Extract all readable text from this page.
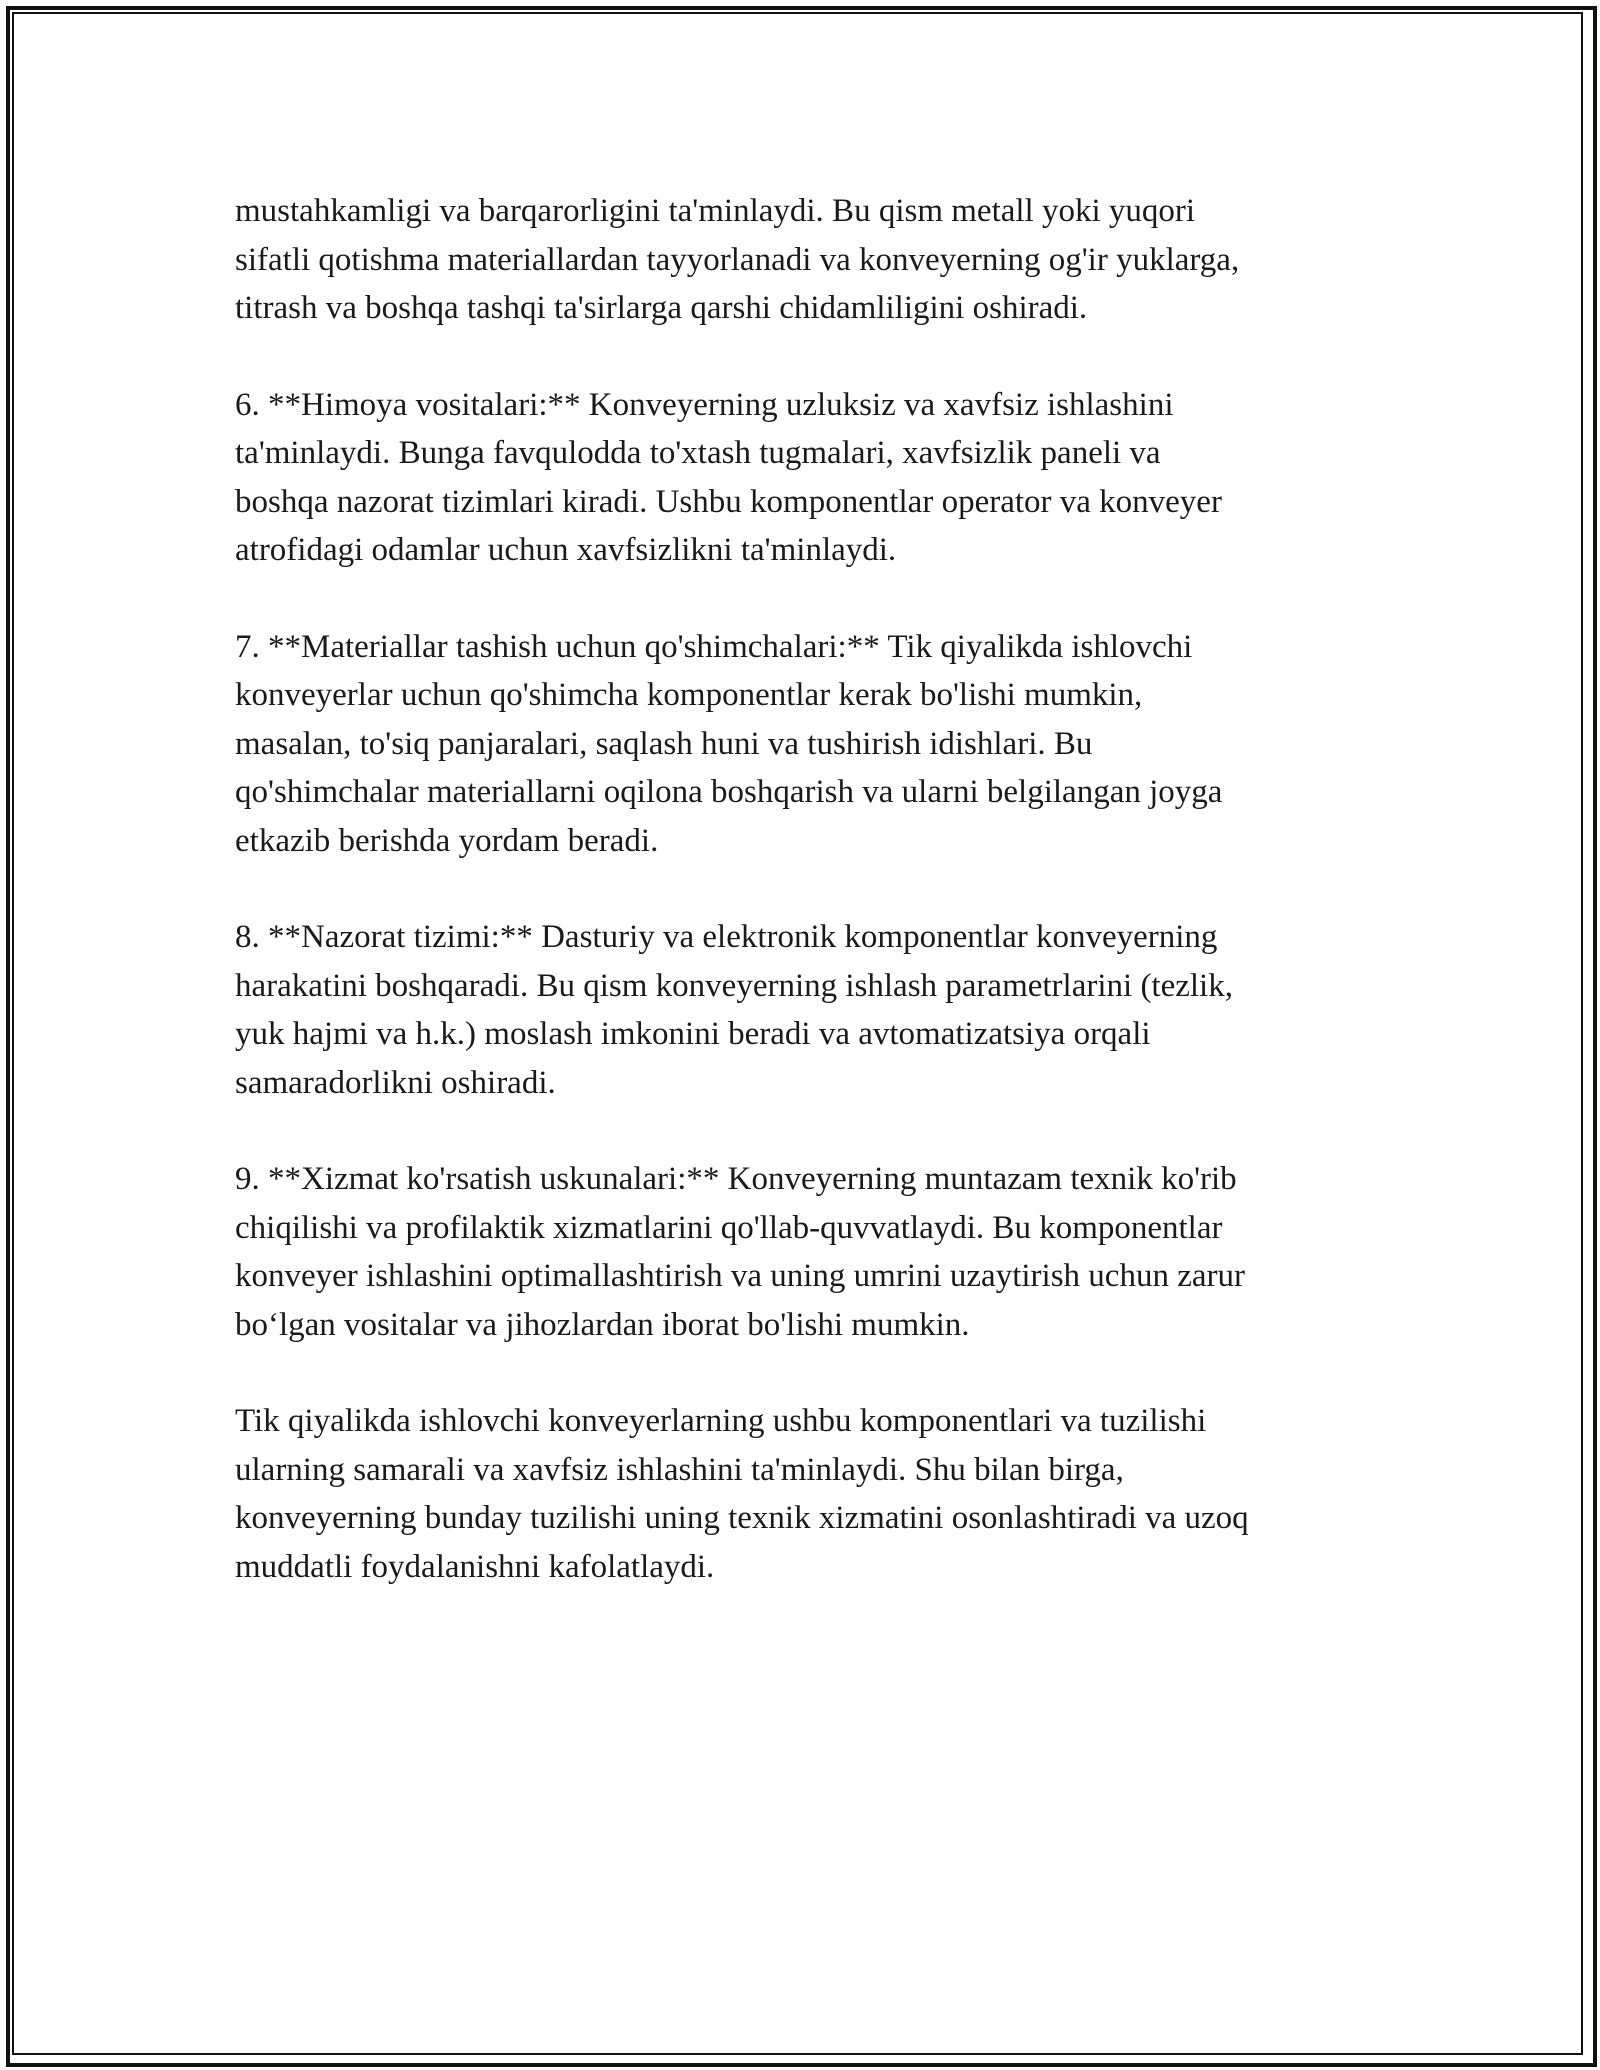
mustahkamligi va barqarorligini ta'minlaydi. Bu qism metall yoki yuqori
sifatli qotishma materiallardan tayyorlanadi va konveyerning og'ir yuklarga,
titrash va boshqa tashqi ta'sirlarga qarshi chidamliligini oshiradi.
6. **Himoya vositalari:** Konveyerning uzluksiz va xavfsiz ishlashini
ta'minlaydi. Bunga favqulodda to'xtash tugmalari, xavfsizlik paneli va
boshqa nazorat tizimlari kiradi. Ushbu komponentlar operator va konveyer
atrofidagi odamlar uchun xavfsizlikni ta'minlaydi.
7. **Materiallar tashish uchun qo'shimchalari:** Tik qiyalikda ishlovchi
konveyerlar uchun qo'shimcha komponentlar kerak bo'lishi mumkin,
masalan, to'siq panjaralari, saqlash huni va tushirish idishlari. Bu
qo'shimchalar materiallarni oqilona boshqarish va ularni belgilangan joyga
etkazib berishda yordam beradi.
8. **Nazorat tizimi:** Dasturiy va elektronik komponentlar konveyerning
harakatini boshqaradi. Bu qism konveyerning ishlash parametrlarini (tezlik,
yuk hajmi va h.k.) moslash imkonini beradi va avtomatizatsiya orqali
samaradorlikni oshiradi.
9. **Xizmat ko'rsatish uskunalari:** Konveyerning muntazam texnik ko'rib
chiqilishi va profilaktik xizmatlarini qo'llab-quvvatlaydi. Bu komponentlar
konveyer ishlashini optimallashtirish va uning umrini uzaytirish uchun zarur
bo‘lgan vositalar va jihozlardan iborat bo'lishi mumkin.
Tik qiyalikda ishlovchi konveyerlarning ushbu komponentlari va tuzilishi
ularning samarali va xavfsiz ishlashini ta'minlaydi. Shu bilan birga,
konveyerning bunday tuzilishi uning texnik xizmatini osonlashtiradi va uzoq
muddatli foydalanishni kafolatlaydi.
